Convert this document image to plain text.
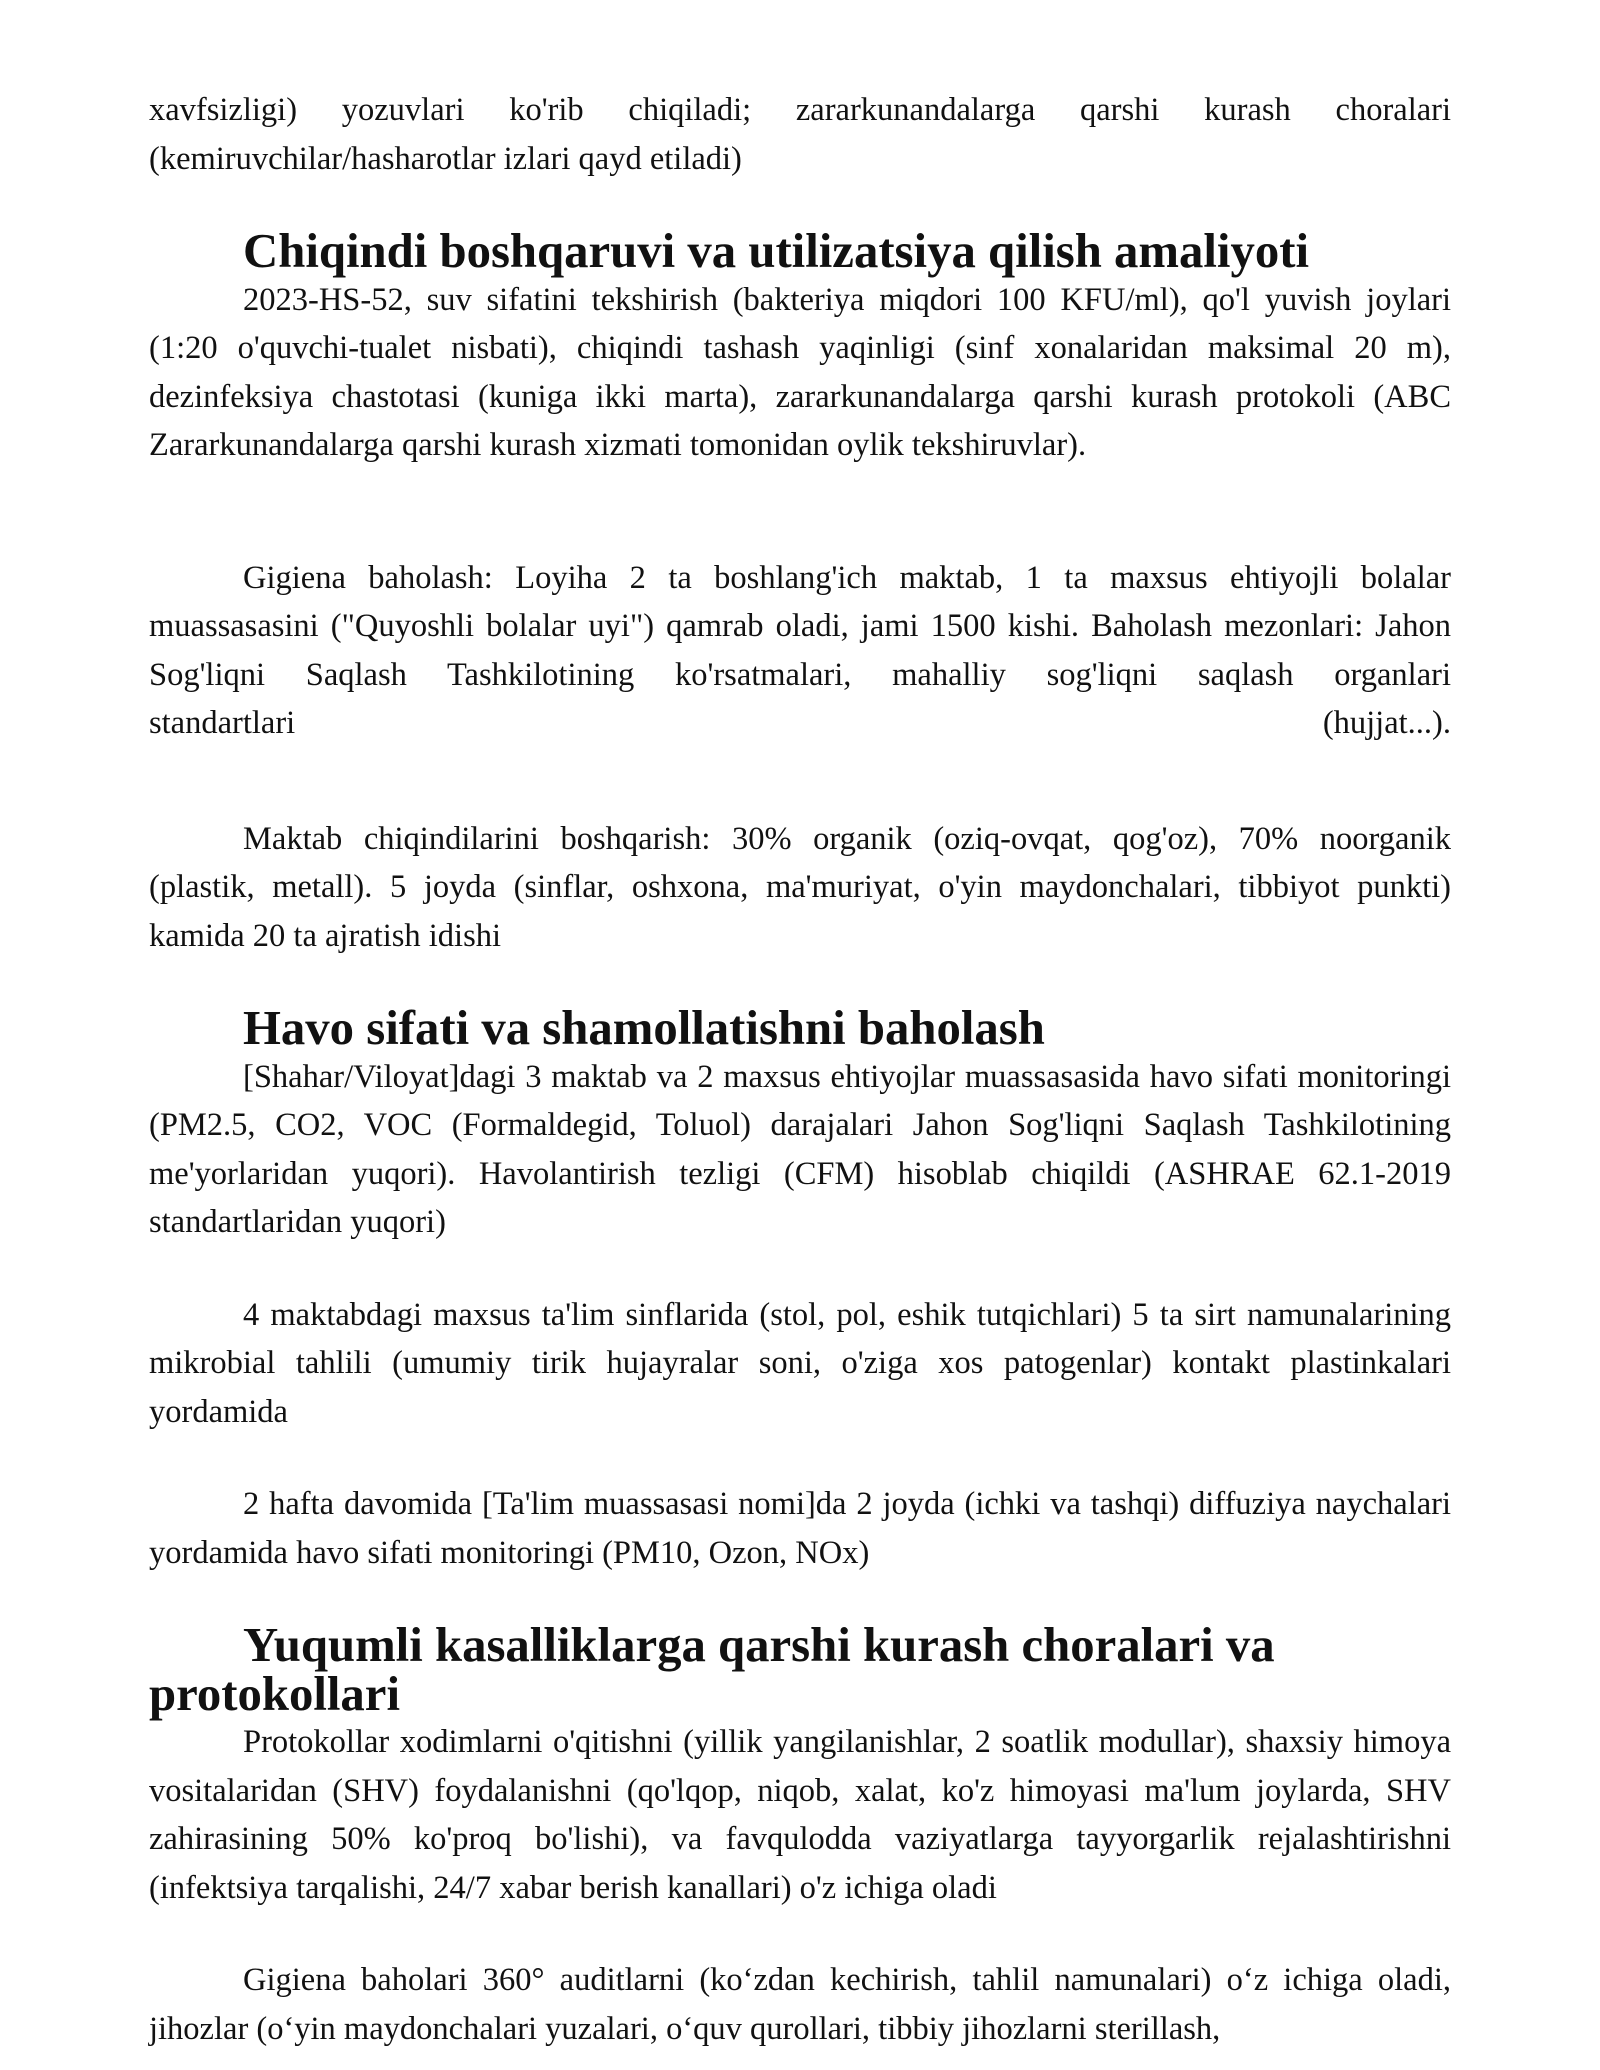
xavfsizligi) yozuvlari ko'rib chiqiladi; zararkunandalarga qarshi kurash choralari (kemiruvchilar/hasharotlar izlari qayd etiladi)

Chiqindi boshqaruvi va utilizatsiya qilish amaliyoti

2023-HS-52, suv sifatini tekshirish (bakteriya miqdori 100 KFU/ml), qo'l yuvish joylari (1:20 o'quvchi-tualet nisbati), chiqindi tashash yaqinligi (sinf xonalaridan maksimal 20 m), dezinfeksiya chastotasi (kuniga ikki marta), zararkunandalarga qarshi kurash protokoli (ABC Zararkunandalarga qarshi kurash xizmati tomonidan oylik tekshiruvlar).

Gigiena baholash: Loyiha 2 ta boshlang'ich maktab, 1 ta maxsus ehtiyojli bolalar muassasasini ("Quyoshli bolalar uyi") qamrab oladi, jami 1500 kishi. Baholash mezonlari: Jahon Sog'liqni Saqlash Tashkilotining ko'rsatmalari, mahalliy sog'liqni saqlash organlari

standartlari	(hujjat...).

Maktab chiqindilarini boshqarish: 30% organik (oziq-ovqat, qog'oz), 70% noorganik (plastik, metall). 5 joyda (sinflar, oshxona, ma'muriyat, o'yin maydonchalari, tibbiyot punkti) kamida 20 ta ajratish idishi

Havo sifati va shamollatishni baholash

[Shahar/Viloyat]dagi 3 maktab va 2 maxsus ehtiyojlar muassasasida havo sifati monitoringi (PM2.5, CO2, VOC (Formaldegid, Toluol) darajalari Jahon Sog'liqni Saqlash Tashkilotining me'yorlaridan yuqori). Havolantirish tezligi (CFM) hisoblab chiqildi (ASHRAE 62.1-2019 standartlaridan yuqori)

4 maktabdagi maxsus ta'lim sinflarida (stol, pol, eshik tutqichlari) 5 ta sirt namunalarining mikrobial tahlili (umumiy tirik hujayralar soni, o'ziga xos patogenlar) kontakt plastinkalari yordamida

2 hafta davomida [Ta'lim muassasasi nomi]da 2 joyda (ichki va tashqi) diffuziya naychalari yordamida havo sifati monitoringi (PM10, Ozon, NOx)

Yuqumli kasalliklarga qarshi kurash choralari va protokollari

Protokollar xodimlarni o'qitishni (yillik yangilanishlar, 2 soatlik modullar), shaxsiy himoya vositalaridan (SHV) foydalanishni (qo'lqop, niqob, xalat, ko'z himoyasi ma'lum joylarda, SHV zahirasining 50% ko'proq bo'lishi), va favqulodda vaziyatlarga tayyorgarlik rejalashtirishni (infektsiya tarqalishi, 24/7 xabar berish kanallari) o'z ichiga oladi

Gigiena baholari 360° auditlarni (ko‘zdan kechirish, tahlil namunalari) o‘z ichiga oladi, jihozlar (o‘yin maydonchalari yuzalari, o‘quv qurollari, tibbiy jihozlarni sterillash,
